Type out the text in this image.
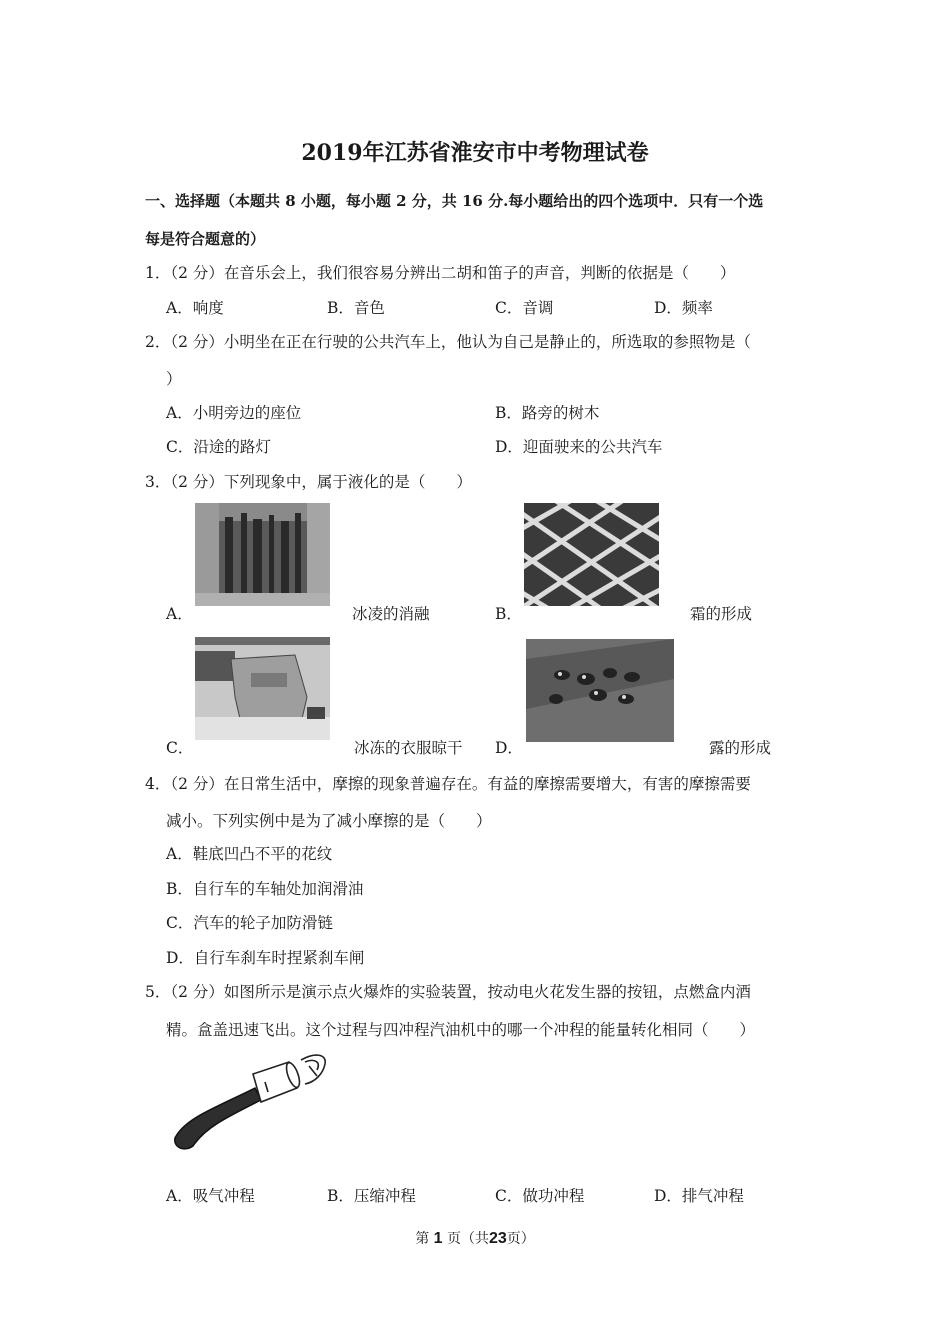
2019年江苏省淮安市中考物理试卷
一、选择题（本题共 8 小题，每小题 2 分，共 16 分.每小题给出的四个选项中．只有一个选
每是符合题意的）
1．（2 分）在音乐会上，我们很容易分辨出二胡和笛子的声音，判断的依据是（　　）
A．响度	B．音色	C．音调	D．频率
2．（2 分）小明坐在正在行驶的公共汽车上，他认为自己是静止的，所选取的参照物是（
）
A．小明旁边的座位	B．路旁的树木
C．沿途的路灯	D．迎面驶来的公共汽车
3．（2 分）下列现象中，属于液化的是（　　）
A．	冰凌的消融	B．	霜的形成
C．	冰冻的衣服晾干 D．	露的形成
4．（2 分）在日常生活中，摩擦的现象普遍存在。有益的摩擦需要增大，有害的摩擦需要
减小。下列实例中是为了减小摩擦的是（　　）
A．鞋底凹凸不平的花纹
B．自行车的车轴处加润滑油
C．汽车的轮子加防滑链
D．自行车刹车时捏紧刹车闸
5．（2 分）如图所示是演示点火爆炸的实验装置，按动电火花发生器的按钮，点燃盒内酒
精。盒盖迅速飞出。这个过程与四冲程汽油机中的哪一个冲程的能量转化相同（　　）
A．吸气冲程	B．压缩冲程	C．做功冲程	D．排气冲程
第 1 页（共23页）
